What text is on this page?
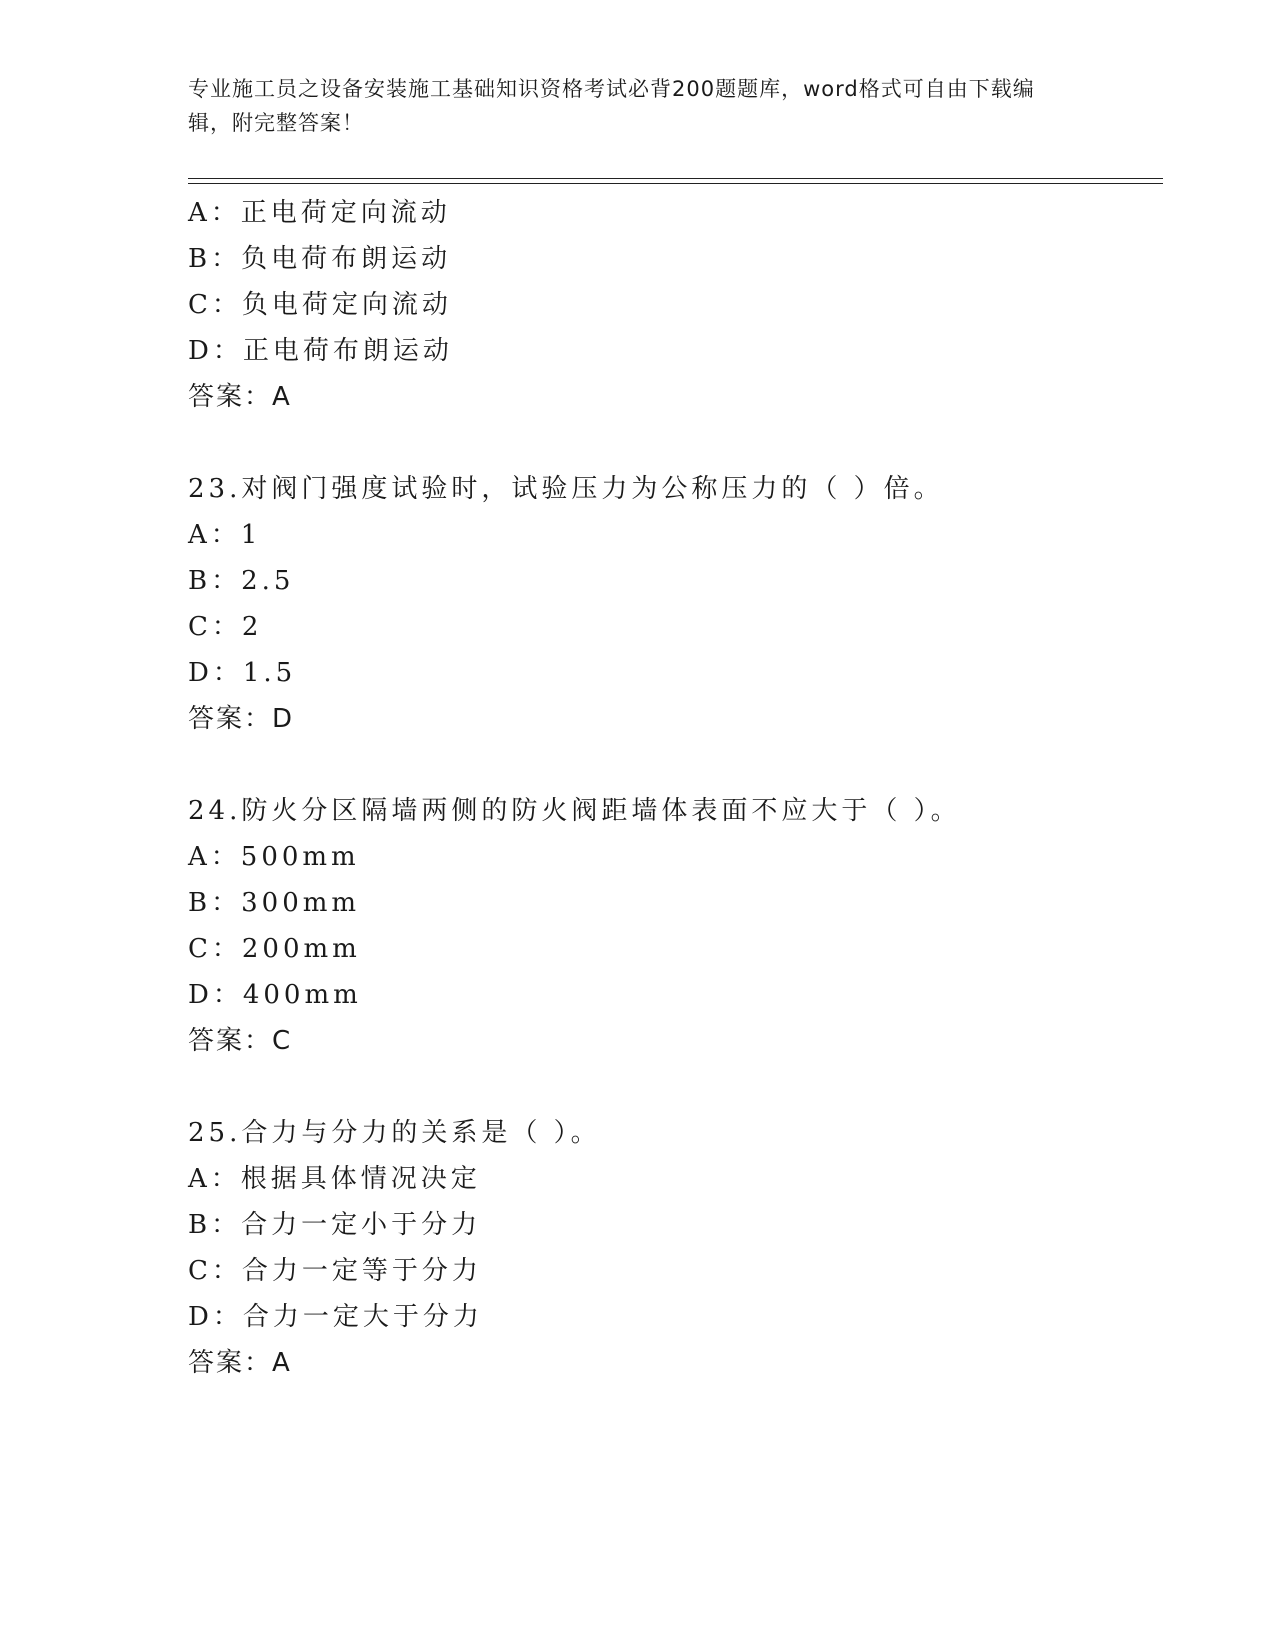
专业施工员之设备安装施工基础知识资格考试必背200题题库，word格式可自由下载编辑，附完整答案！

A：正电荷定向流动
B：负电荷布朗运动
C：负电荷定向流动
D：正电荷布朗运动
答案：A
23.对阀门强度试验时，试验压力为公称压力的（ ）倍。
A：1
B：2.5
C：2
D：1.5
答案：D
24.防火分区隔墙两侧的防火阀距墙体表面不应大于（ ）。
A：500mm
B：300mm
C：200mm
D：400mm
答案：C
25.合力与分力的关系是（ ）。
A：根据具体情况决定
B：合力一定小于分力
C：合力一定等于分力
D：合力一定大于分力
答案：A
